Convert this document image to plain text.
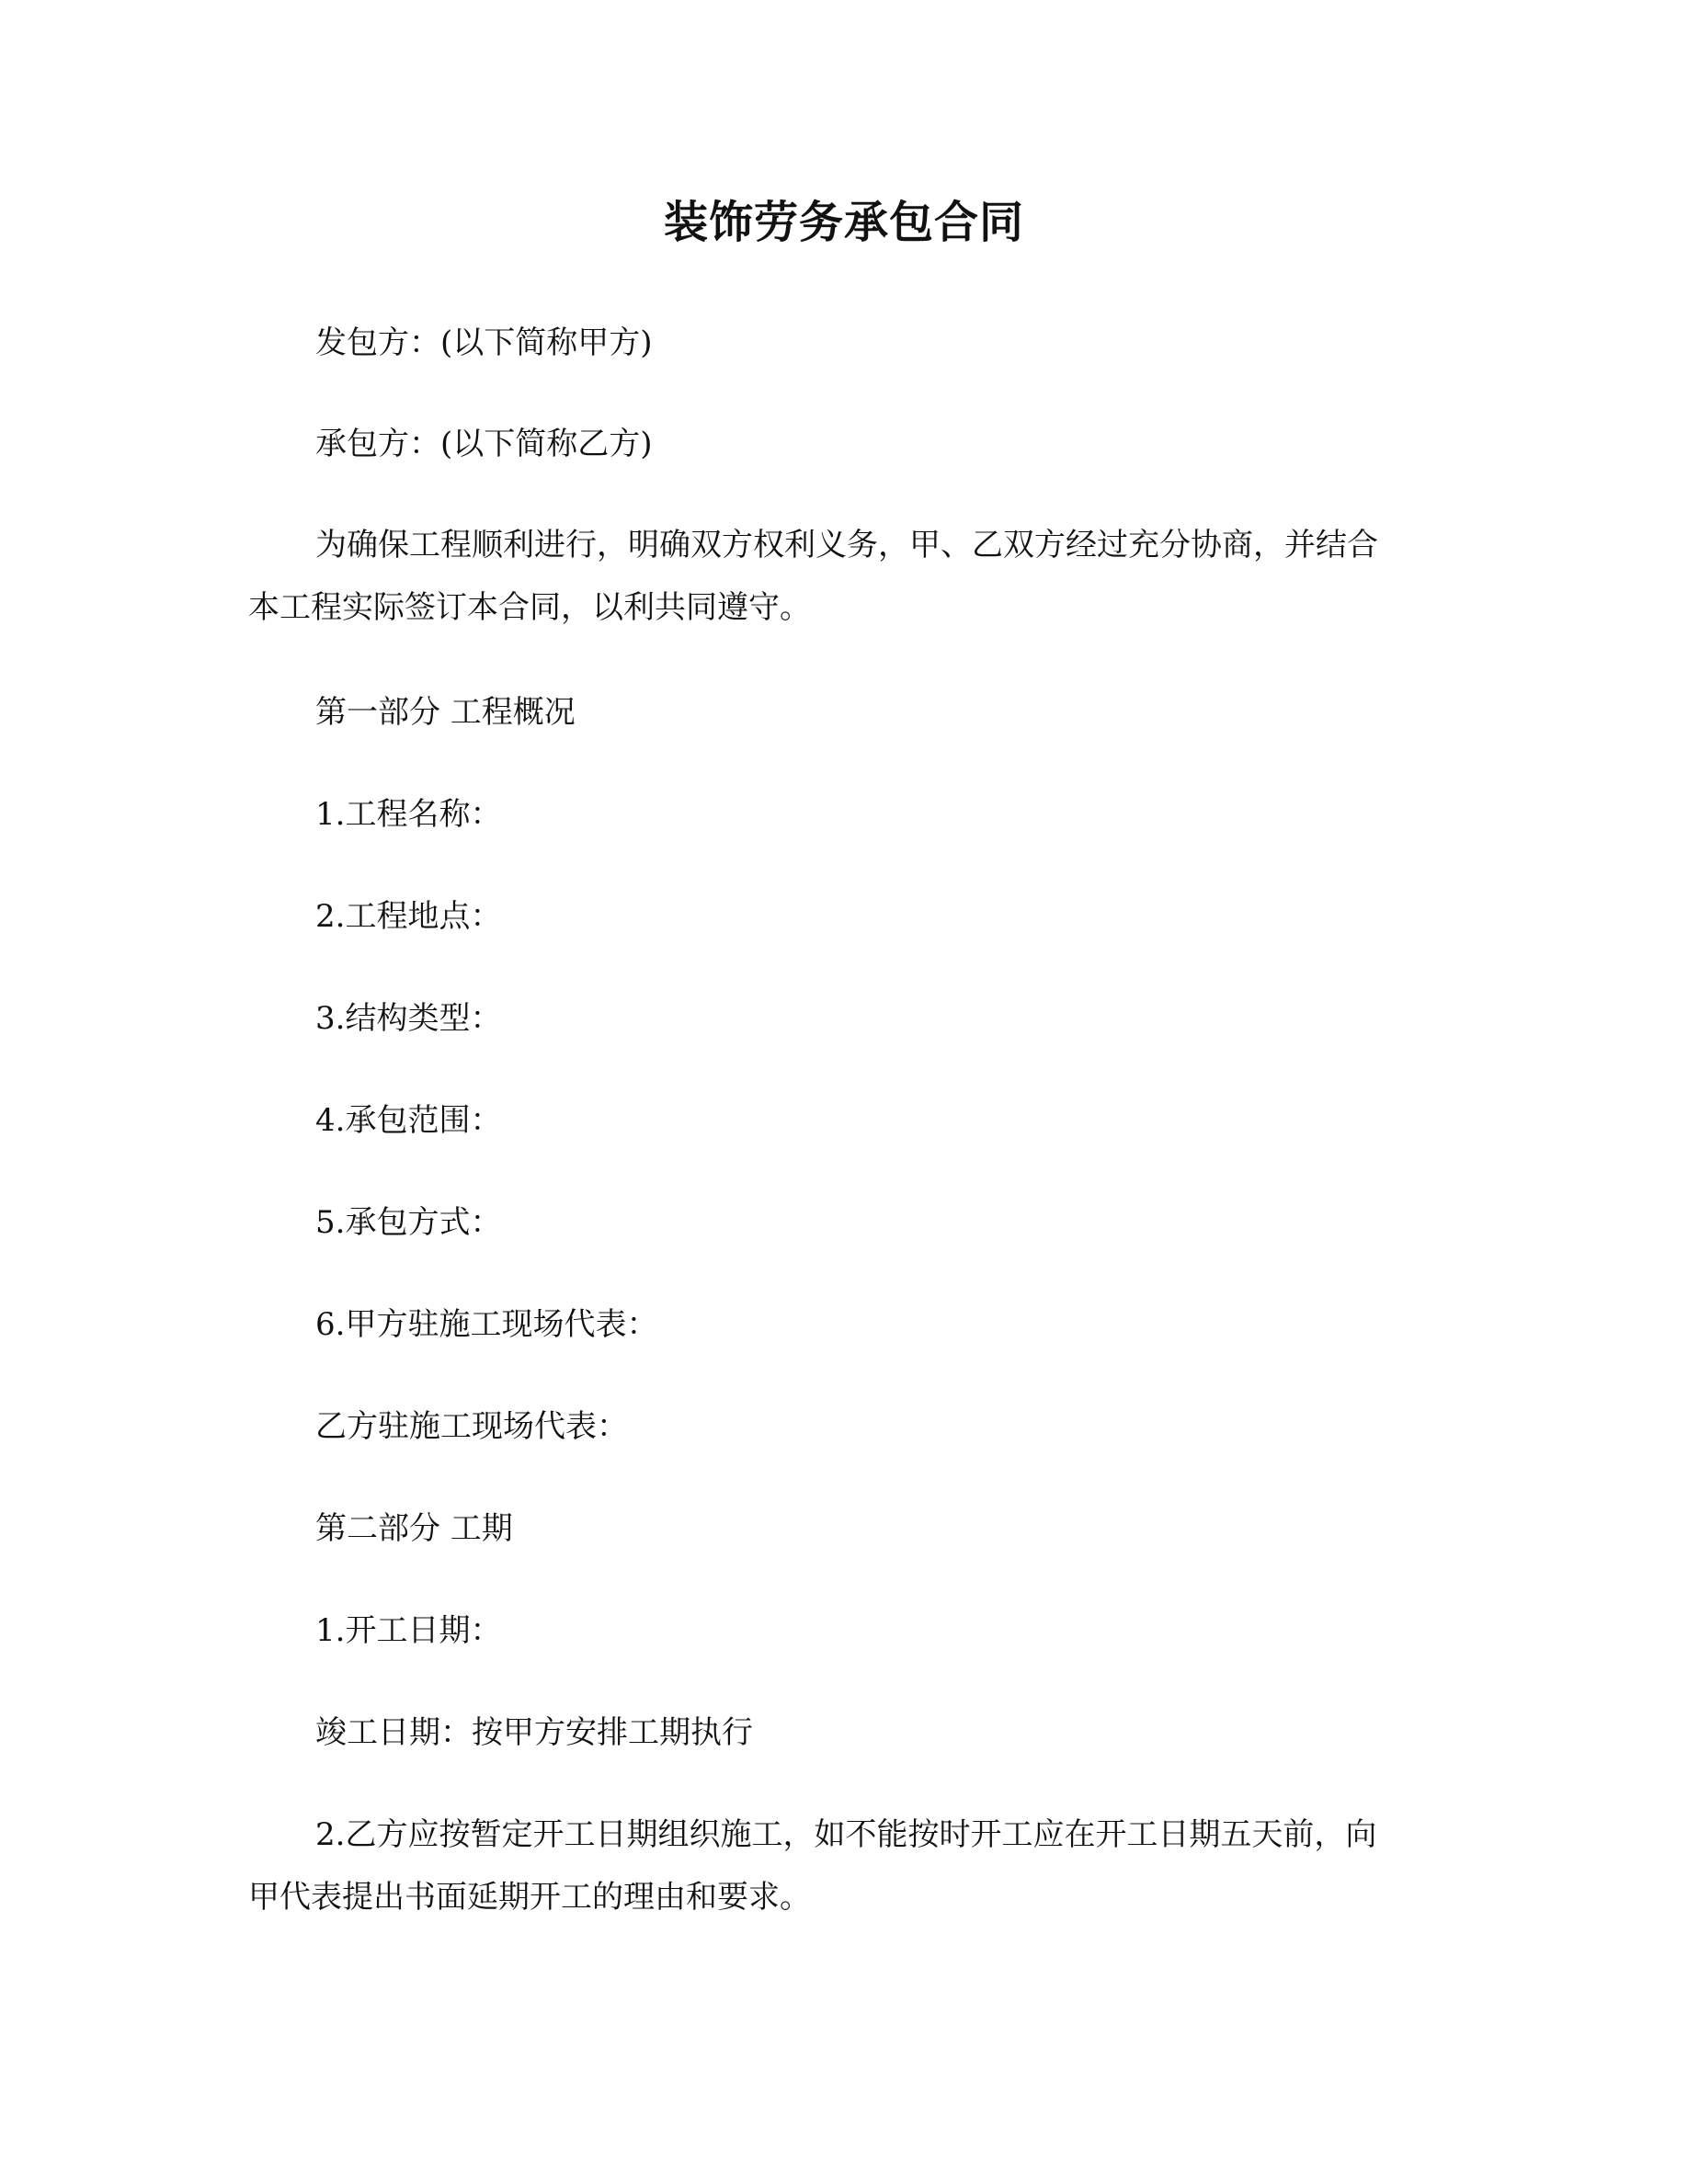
装饰劳务承包合同
发包方：(以下简称甲方)
承包方：(以下简称乙方)
为确保工程顺利进行，明确双方权利义务，甲、乙双方经过充分协商，并结合
本工程实际签订本合同，以利共同遵守。
第一部分 工程概况
1.工程名称：
2.工程地点：
3.结构类型：
4.承包范围：
5.承包方式：
6.甲方驻施工现场代表：
乙方驻施工现场代表：
第二部分 工期
1.开工日期：
竣工日期：按甲方安排工期执行
2.乙方应按暂定开工日期组织施工，如不能按时开工应在开工日期五天前，向
甲代表提出书面延期开工的理由和要求。
